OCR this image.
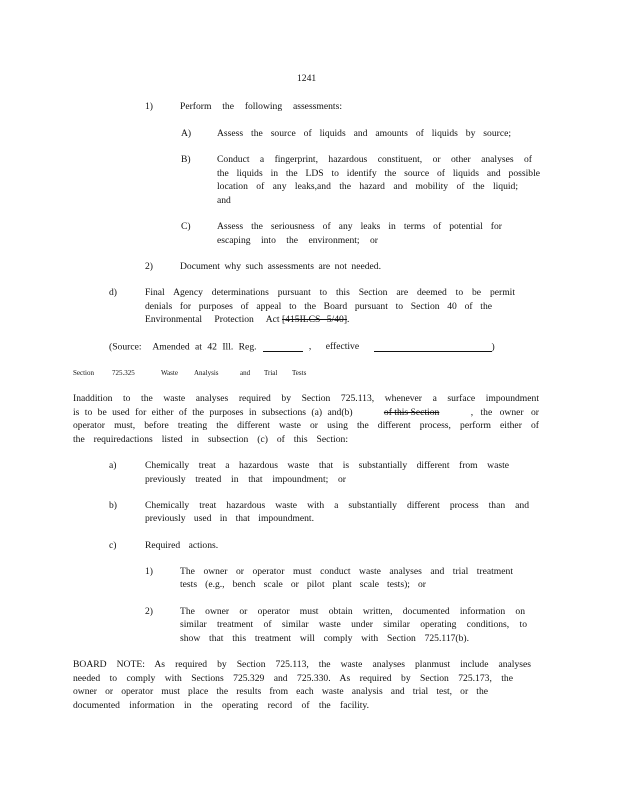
1241
1)	Perform the following assessments:
A)	Assess the source of liquids and amounts of liquids by source;
B)	Conduct a fingerprint, hazardous constituent, or other analyses of
the liquids in the LDS to identify the source of liquids and possible
location of any leaks,and the hazard and mobility of the liquid;
and
C)	Assess the seriousness of any leaks in terms of potential for
escaping into the environment; or
2)	Document why such assessments are not needed.
d)	Final Agency determinations pursuant to this Section are deemed to be permit
denials for purposes of appeal to the Board pursuant to Section 40 of the
Environmental Protection Act [415ILCS 5/40].
(Source: Amended at 42 Ill. Reg.	, effective	)
Section	725.325	Waste Analysis	and Trial Tests
Inaddition to the waste analyses required by Section 725.113, whenever a surface impoundment
is to be used for either of the purposes in subsections (a) and(b)	of this Section	, the owner or
operator must, before treating the different waste or using the different process, perform either of
the requiredactions listed in subsection (c) of this Section:
a)	Chemically treat a hazardous waste that is substantially different from waste
previously treated in that impoundment; or
b)	Chemically treat hazardous waste with a substantially different process than and
previously used in that impoundment.
c)	Required actions.
1)	The owner or operator must conduct waste analyses and trial treatment
tests (e.g., bench scale or pilot plant scale tests); or
2)	The owner or operator must obtain written, documented information on
similar treatment of similar waste under similar operating conditions, to
show that this treatment will comply with Section 725.117(b).
BOARD NOTE: As required by Section 725.113, the waste analyses planmust include analyses
needed to comply with Sections 725.329 and 725.330. As required by Section 725.173, the
owner or operator must place the results from each waste analysis and trial test, or the
documented information in the operating record of the facility.
